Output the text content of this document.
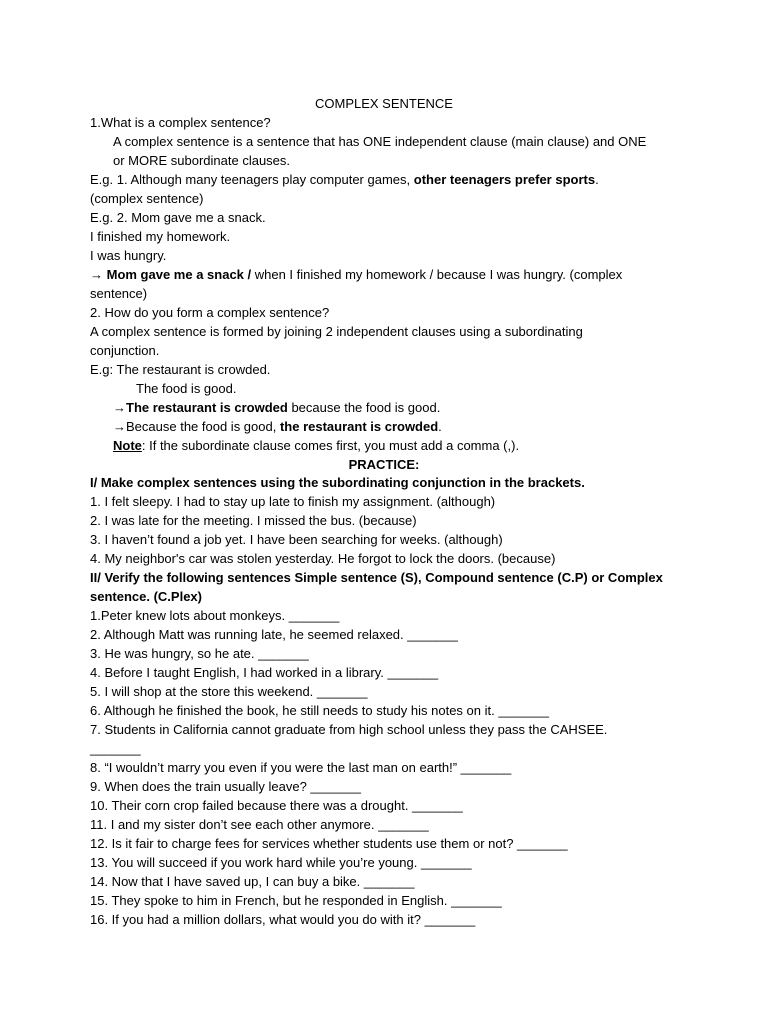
COMPLEX SENTENCE
1.What is a complex sentence?
A complex sentence is a sentence that has ONE independent clause (main clause) and ONE
or MORE subordinate clauses.
E.g. 1. Although many teenagers play computer games, other teenagers prefer sports.
(complex sentence)
E.g. 2. Mom gave me a snack.
I finished my homework.
I was hungry.
→ Mom gave me a snack / when I finished my homework / because I was hungry. (complex
sentence)
2. How do you form a complex sentence?
A complex sentence is formed by joining 2 independent clauses using a subordinating
conjunction.
E.g: The restaurant is crowded.
The food is good.
→The restaurant is crowded because the food is good.
→Because the food is good, the restaurant is crowded.
Note: If the subordinate clause comes first, you must add a comma (,).
PRACTICE:
I/ Make complex sentences using the subordinating conjunction in the brackets.
1. I felt sleepy. I had to stay up late to finish my assignment. (although)
2. I was late for the meeting. I missed the bus. (because)
3. I haven’t found a job yet. I have been searching for weeks. (although)
4. My neighbor's car was stolen yesterday. He forgot to lock the doors. (because)
II/ Verify the following sentences Simple sentence (S), Compound sentence (C.P) or Complex
sentence. (C.Plex)
1.Peter knew lots about monkeys. _______
2. Although Matt was running late, he seemed relaxed. _______
3. He was hungry, so he ate. _______
4. Before I taught English, I had worked in a library. _______
5. I will shop at the store this weekend. _______
6. Although he finished the book, he still needs to study his notes on it. _______
7. Students in California cannot graduate from high school unless they pass the CAHSEE.
_______
8. “I wouldn’t marry you even if you were the last man on earth!” _______
9. When does the train usually leave? _______
10. Their corn crop failed because there was a drought. _______
11. I and my sister don’t see each other anymore. _______
12. Is it fair to charge fees for services whether students use them or not? _______
13. You will succeed if you work hard while you’re young. _______
14. Now that I have saved up, I can buy a bike. _______
15. They spoke to him in French, but he responded in English. _______
16. If you had a million dollars, what would you do with it? _______
